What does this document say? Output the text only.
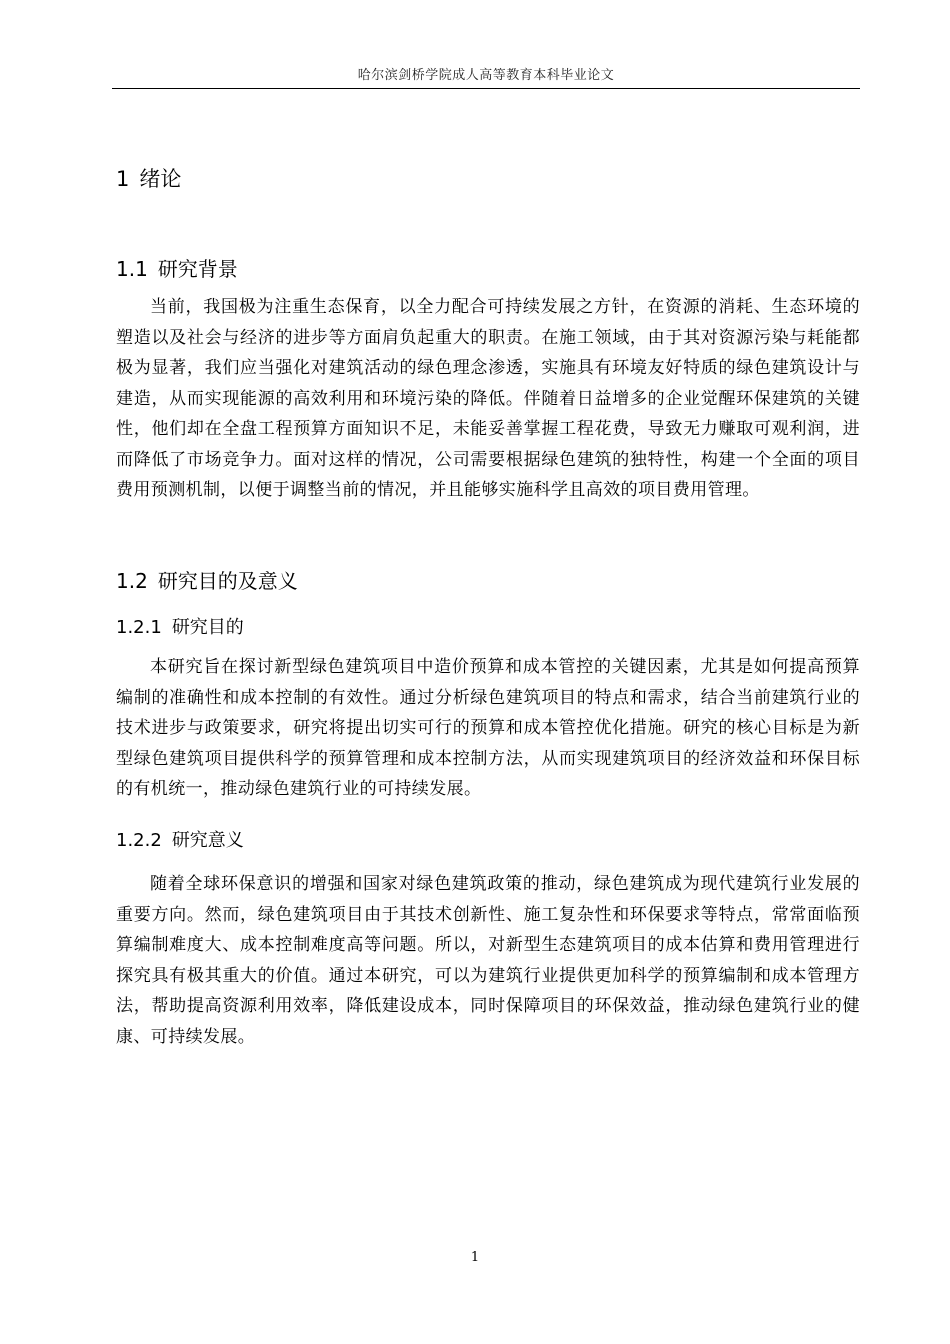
哈尔滨剑桥学院成人高等教育本科毕业论文
1 绪论
1.1 研究背景

当前，我国极为注重生态保育，以全力配合可持续发展之方针，在资源的消耗、生态环境的塑造以及社会与经济的进步等方面肩负起重大的职责。在施工领域，由于其对资源污染与耗能都极为显著，我们应当强化对建筑活动的绿色理念渗透，实施具有环境友好特质的绿色建筑设计与建造，从而实现能源的高效利用和环境污染的降低。伴随着日益增多的企业觉醒环保建筑的关键性，他们却在全盘工程预算方面知识不足，未能妥善掌握工程花费，导致无力赚取可观利润，进而降低了市场竞争力。面对这样的情况，公司需要根据绿色建筑的独特性，构建一个全面的项目费用预测机制，以便于调整当前的情况，并且能够实施科学且高效的项目费用管理。

1.2 研究目的及意义
1.2.1 研究目的

本研究旨在探讨新型绿色建筑项目中造价预算和成本管控的关键因素，尤其是如何提高预算编制的准确性和成本控制的有效性。通过分析绿色建筑项目的特点和需求，结合当前建筑行业的技术进步与政策要求，研究将提出切实可行的预算和成本管控优化措施。研究的核心目标是为新型绿色建筑项目提供科学的预算管理和成本控制方法，从而实现建筑项目的经济效益和环保目标的有机统一，推动绿色建筑行业的可持续发展。

1.2.2 研究意义

随着全球环保意识的增强和国家对绿色建筑政策的推动，绿色建筑成为现代建筑行业发展的重要方向。然而，绿色建筑项目由于其技术创新性、施工复杂性和环保要求等特点，常常面临预算编制难度大、成本控制难度高等问题。所以，对新型生态建筑项目的成本估算和费用管理进行探究具有极其重大的价值。通过本研究，可以为建筑行业提供更加科学的预算编制和成本管理方法，帮助提高资源利用效率，降低建设成本，同时保障项目的环保效益，推动绿色建筑行业的健康、可持续发展。

1
